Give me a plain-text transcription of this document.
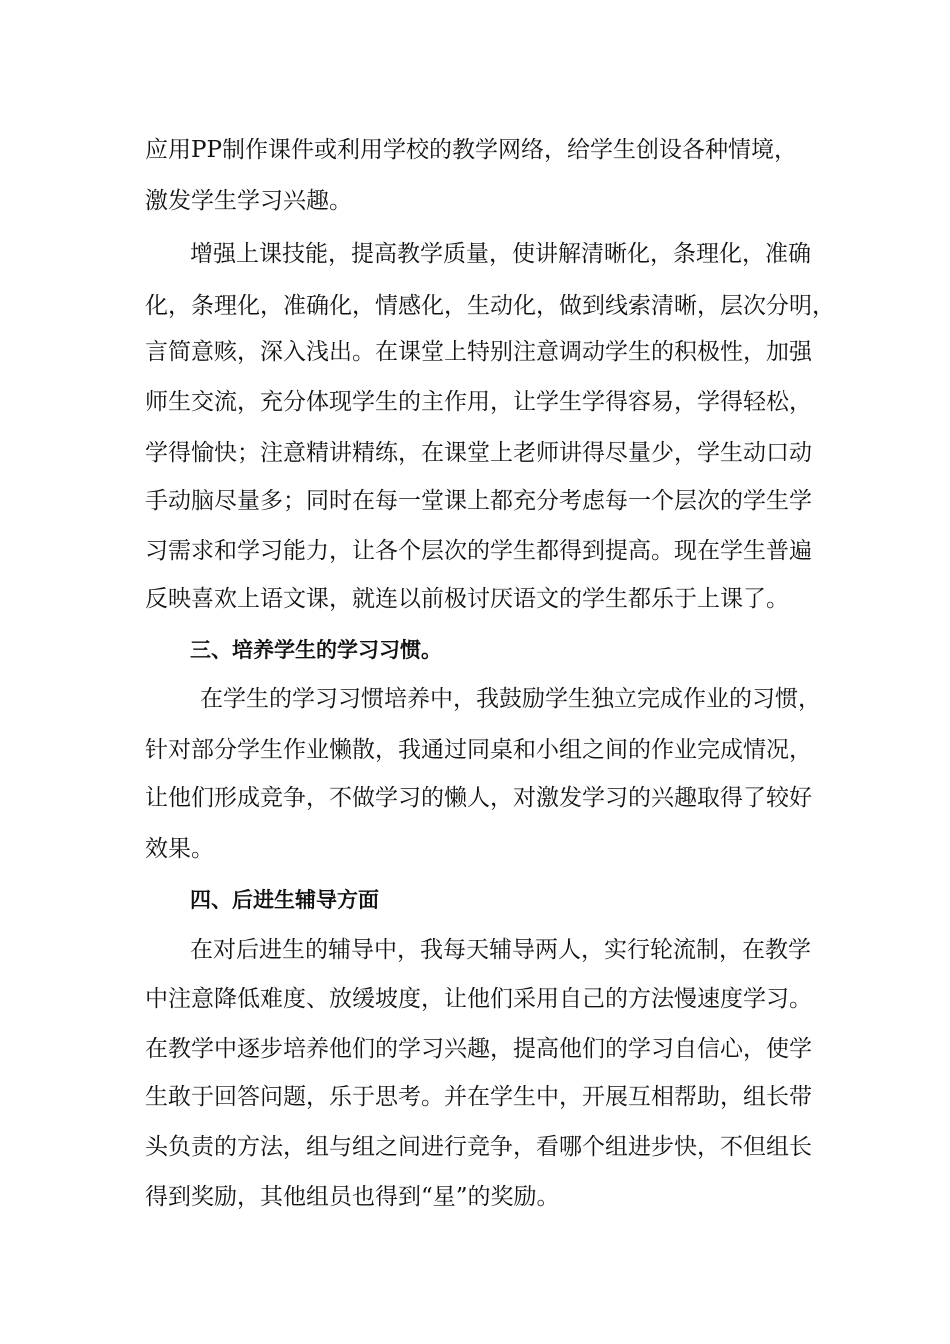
应用PP制作课件或利用学校的教学网络，给学生创设各种情境，
激发学生学习兴趣。
增强上课技能，提高教学质量，使讲解清晰化，条理化，准确
化，条理化，准确化，情感化，生动化，做到线索清晰，层次分明，
言简意赅，深入浅出。在课堂上特别注意调动学生的积极性，加强
师生交流，充分体现学生的主作用，让学生学得容易，学得轻松，
学得愉快；注意精讲精练，在课堂上老师讲得尽量少，学生动口动
手动脑尽量多；同时在每一堂课上都充分考虑每一个层次的学生学
习需求和学习能力，让各个层次的学生都得到提高。现在学生普遍
反映喜欢上语文课，就连以前极讨厌语文的学生都乐于上课了。
三、培养学生的学习习惯。
在学生的学习习惯培养中，我鼓励学生独立完成作业的习惯，
针对部分学生作业懒散，我通过同桌和小组之间的作业完成情况，
让他们形成竞争，不做学习的懒人，对激发学习的兴趣取得了较好
效果。
四、后进生辅导方面
在对后进生的辅导中，我每天辅导两人，实行轮流制，在教学
中注意降低难度、放缓坡度，让他们采用自己的方法慢速度学习。
在教学中逐步培养他们的学习兴趣，提高他们的学习自信心，使学
生敢于回答问题，乐于思考。并在学生中，开展互相帮助，组长带
头负责的方法，组与组之间进行竞争，看哪个组进步快，不但组长
得到奖励，其他组员也得到“星”的奖励。
